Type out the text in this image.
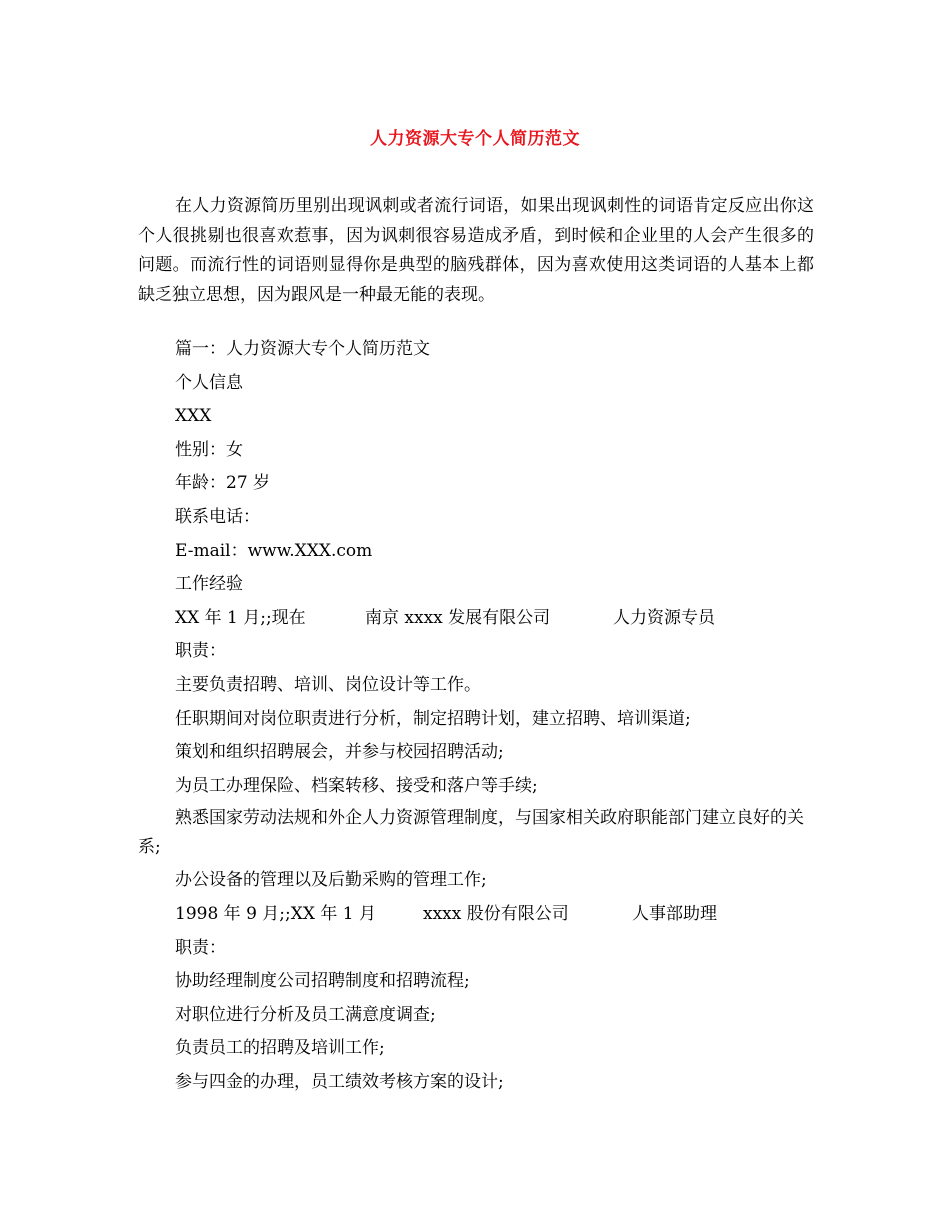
人力资源大专个人简历范文

在人力资源简历里别出现讽刺或者流行词语，如果出现讽刺性的词语肯定反应出你这个人很挑剔也很喜欢惹事，因为讽刺很容易造成矛盾，到时候和企业里的人会产生很多的问题。而流行性的词语则显得你是典型的脑残群体，因为喜欢使用这类词语的人基本上都缺乏独立思想，因为跟风是一种最无能的表现。

篇一：人力资源大专个人简历范文
个人信息
XXX
性别：女
年龄：27 岁
联系电话：
E-mail：www.XXX.com
工作经验
XX 年 1 月;;现在	南京 xxxx 发展有限公司	人力资源专员
职责：
主要负责招聘、培训、岗位设计等工作。
任职期间对岗位职责进行分析，制定招聘计划，建立招聘、培训渠道;
策划和组织招聘展会，并参与校园招聘活动;
为员工办理保险、档案转移、接受和落户等手续;
熟悉国家劳动法规和外企人力资源管理制度，与国家相关政府职能部门建立良好的关系;
办公设备的管理以及后勤采购的管理工作;
1998 年 9 月;;XX 年 1 月	xxxx 股份有限公司	人事部助理
职责：
协助经理制度公司招聘制度和招聘流程;
对职位进行分析及员工满意度调查;
负责员工的招聘及培训工作;
参与四金的办理，员工绩效考核方案的设计;
